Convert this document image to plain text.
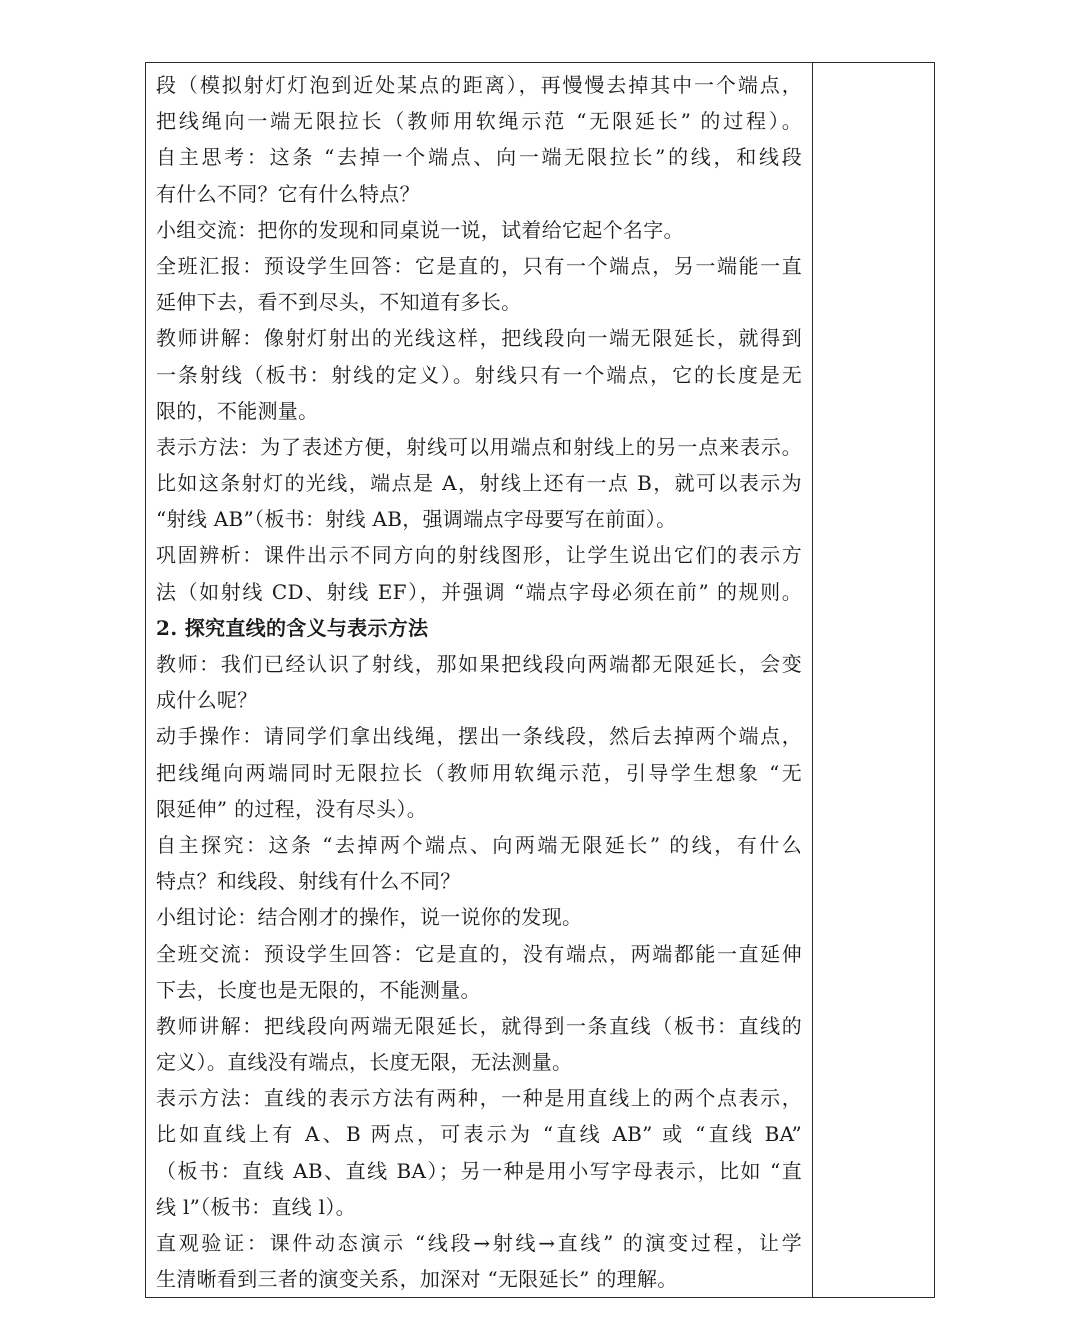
段（模拟射灯灯泡到近处某点的距离），再慢慢去掉其中一个端点，
把线绳向一端无限拉长（教师用软绳示范 “无限延长” 的过程）。
自主思考：这条 “去掉一个端点、向一端无限拉长”的线，和线段
有什么不同？它有什么特点？
小组交流：把你的发现和同桌说一说，试着给它起个名字。
全班汇报：预设学生回答：它是直的，只有一个端点，另一端能一直
延伸下去，看不到尽头，不知道有多长。
教师讲解：像射灯射出的光线这样，把线段向一端无限延长，就得到
一条射线（板书：射线的定义）。射线只有一个端点，它的长度是无
限的，不能测量。
表示方法：为了表述方便，射线可以用端点和射线上的另一点来表示。
比如这条射灯的光线，端点是 A，射线上还有一点 B，就可以表示为
“射线 AB”（板书：射线 AB，强调端点字母要写在前面）。
巩固辨析：课件出示不同方向的射线图形，让学生说出它们的表示方
法（如射线 CD、射线 EF），并强调 “端点字母必须在前” 的规则。
2. 探究直线的含义与表示方法
教师：我们已经认识了射线，那如果把线段向两端都无限延长，会变
成什么呢？
动手操作：请同学们拿出线绳，摆出一条线段，然后去掉两个端点，
把线绳向两端同时无限拉长（教师用软绳示范，引导学生想象 “无
限延伸” 的过程，没有尽头）。
自主探究：这条 “去掉两个端点、向两端无限延长” 的线，有什么
特点？和线段、射线有什么不同？
小组讨论：结合刚才的操作，说一说你的发现。
全班交流：预设学生回答：它是直的，没有端点，两端都能一直延伸
下去，长度也是无限的，不能测量。
教师讲解：把线段向两端无限延长，就得到一条直线（板书：直线的
定义）。直线没有端点，长度无限，无法测量。
表示方法：直线的表示方法有两种，一种是用直线上的两个点表示，
比如直线上有 A、B 两点，可表示为 “直线 AB” 或 “直线 BA”
（板书：直线 AB、直线 BA）；另一种是用小写字母表示，比如 “直
线 l”（板书：直线 l）。
直观验证：课件动态演示 “线段→射线→直线” 的演变过程，让学
生清晰看到三者的演变关系，加深对 “无限延长” 的理解。
